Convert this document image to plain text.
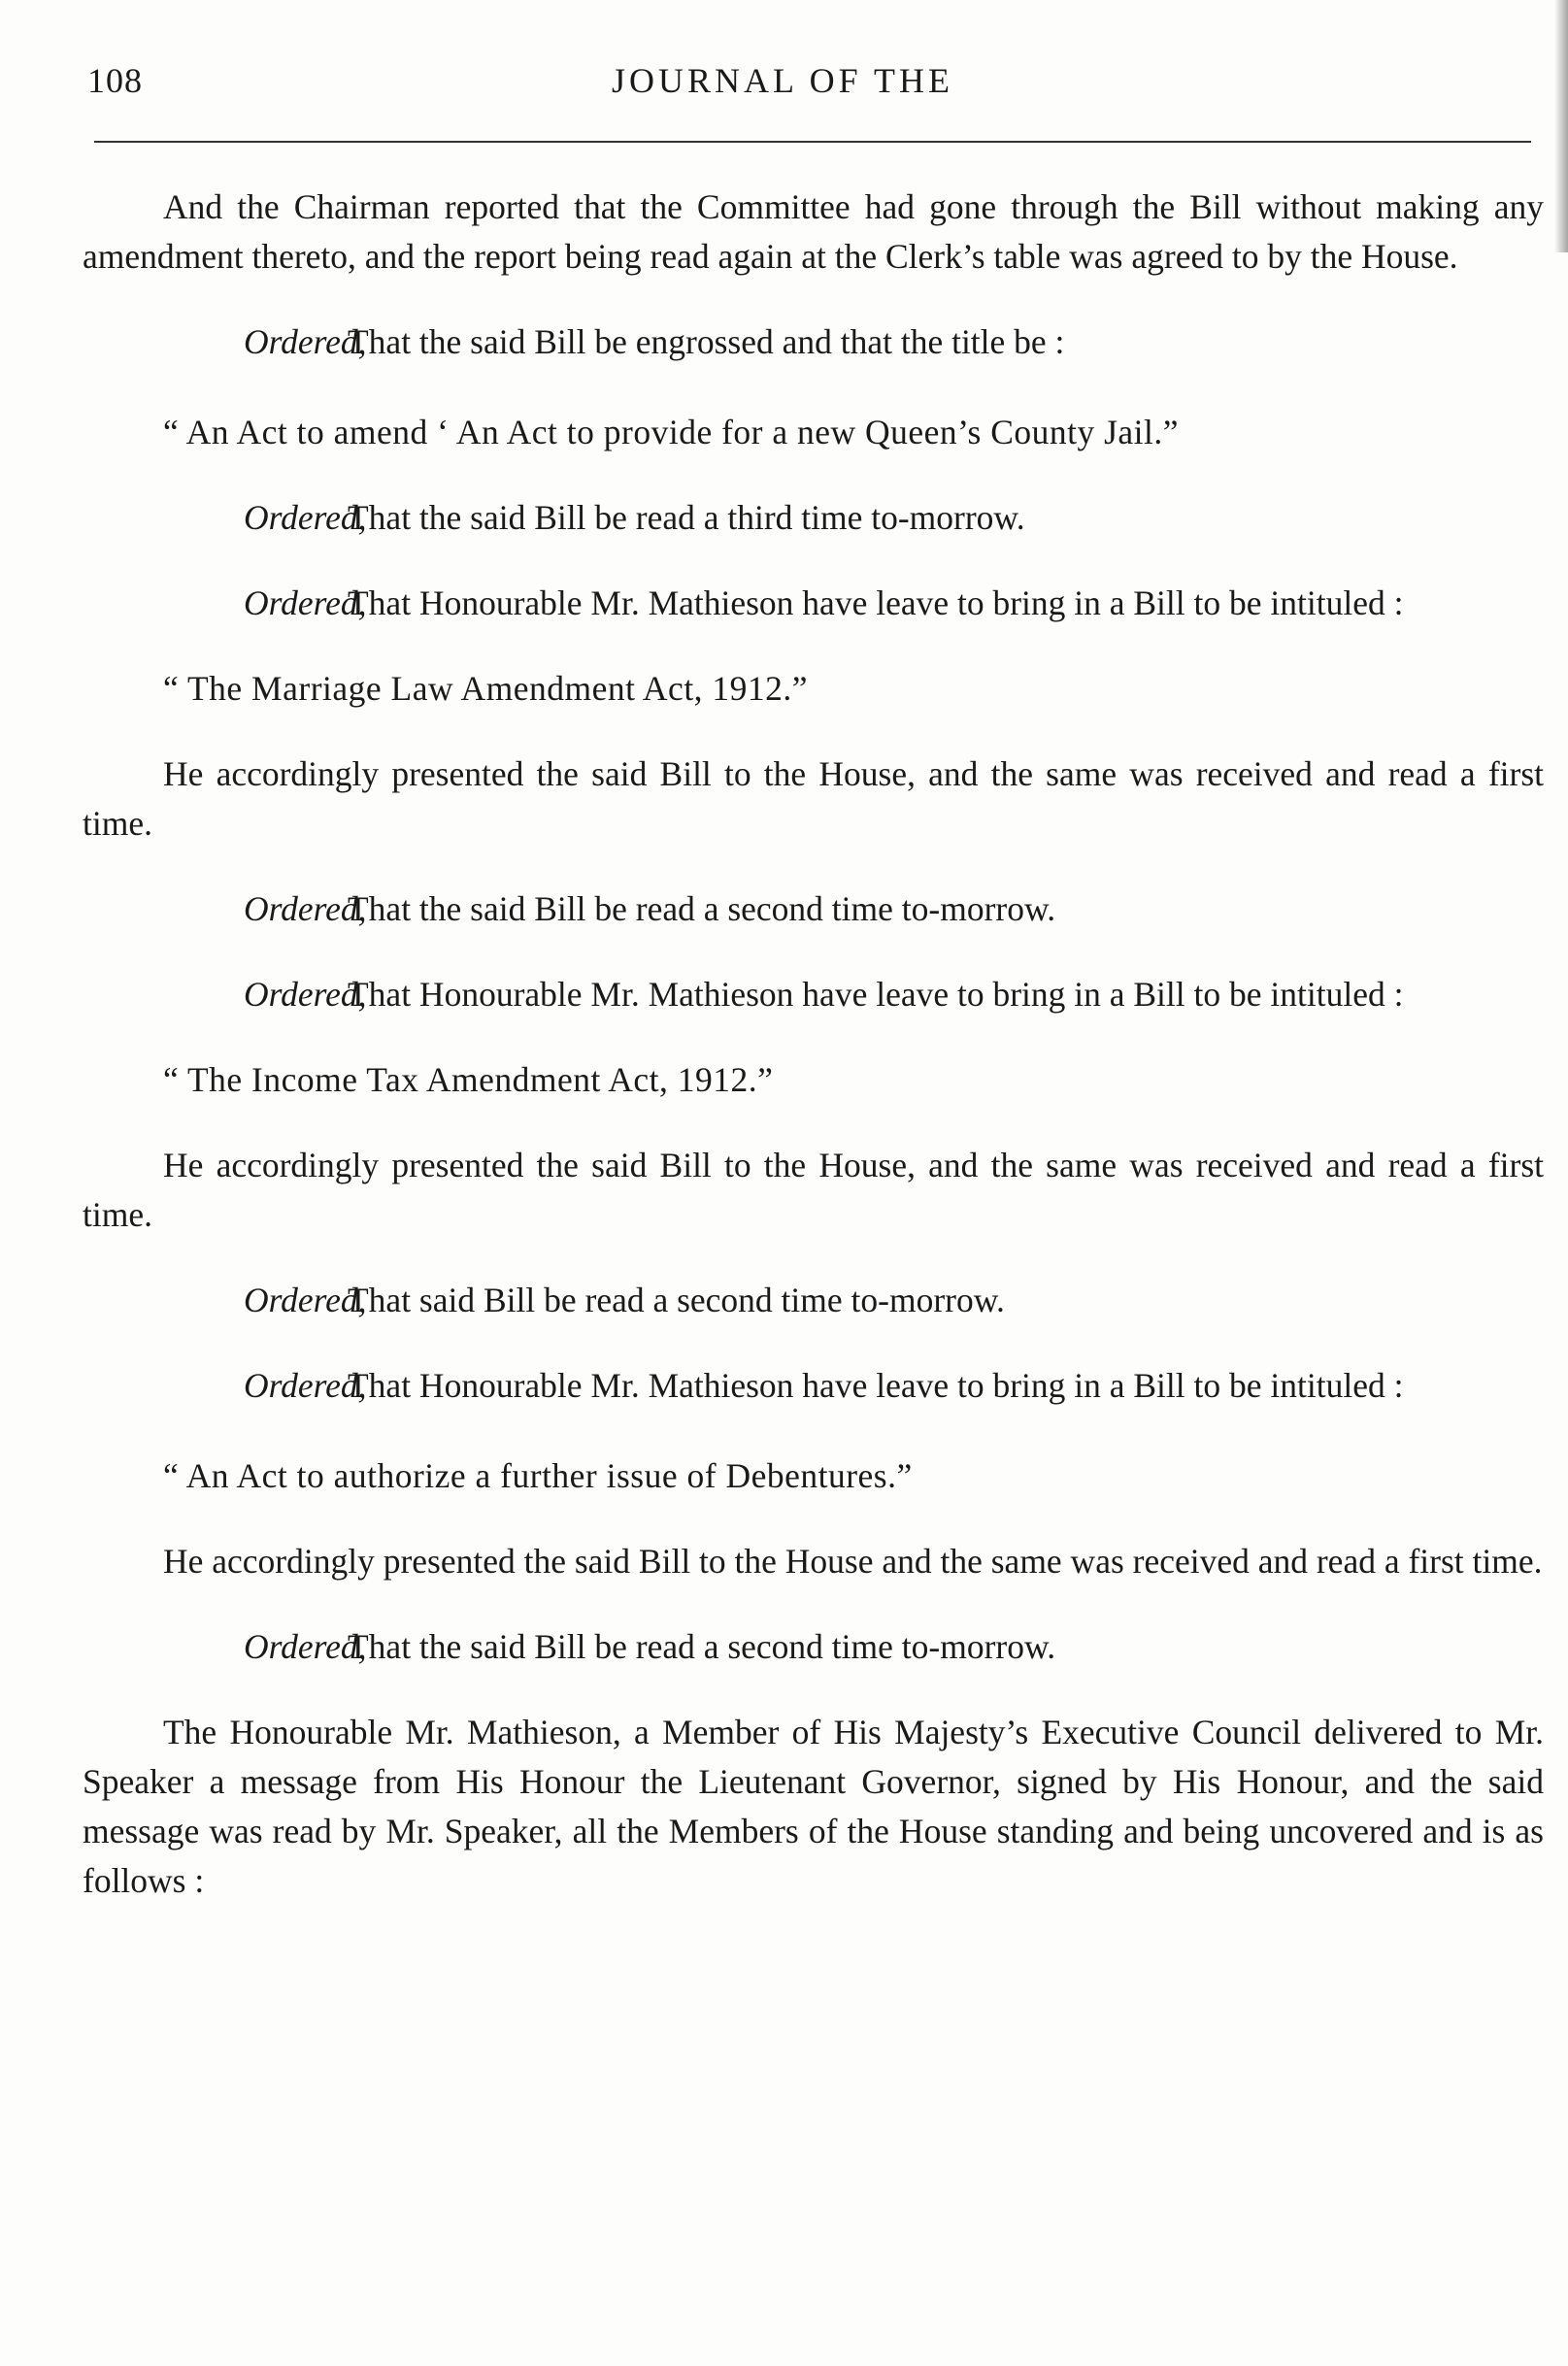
108	JOURNAL OF THE

And the Chairman reported that the Committee had gone through the Bill without making any amendment thereto, and the report being read again at the Clerk’s table was agreed to by the House.

Ordered,That the said Bill be engrossed and that the title be :

“ An Act to amend ‘ An Act to provide for a new Queen’s County Jail.”

Ordered,That the said Bill be read a third time to-morrow.

Ordered,That Honourable Mr. Mathieson have leave to bring in a Bill to be intituled :

“ The Marriage Law Amendment Act, 1912.”

He accordingly presented the said Bill to the House, and the same was received and read a first time.

Ordered,That the said Bill be read a second time to-morrow.

Ordered,That Honourable Mr. Mathieson have leave to bring in a Bill to be intituled :

“ The Income Tax Amendment Act, 1912.”

He accordingly presented the said Bill to the House, and the same was received and read a first time.

Ordered,That said Bill be read a second time to-morrow.

Ordered,That Honourable Mr. Mathieson have leave to bring in a Bill to be intituled :

“ An Act to authorize a further issue of Debentures.”

He accordingly presented the said Bill to the House and the same was received and read a first time.

Ordered,That the said Bill be read a second time to-morrow.

The Honourable Mr. Mathieson, a Member of His Majesty’s Executive Council delivered to Mr. Speaker a message from His Honour the Lieutenant Governor, signed by His Honour, and the said message was read by Mr. Speaker, all the Members of the House standing and being uncovered and is as follows :
